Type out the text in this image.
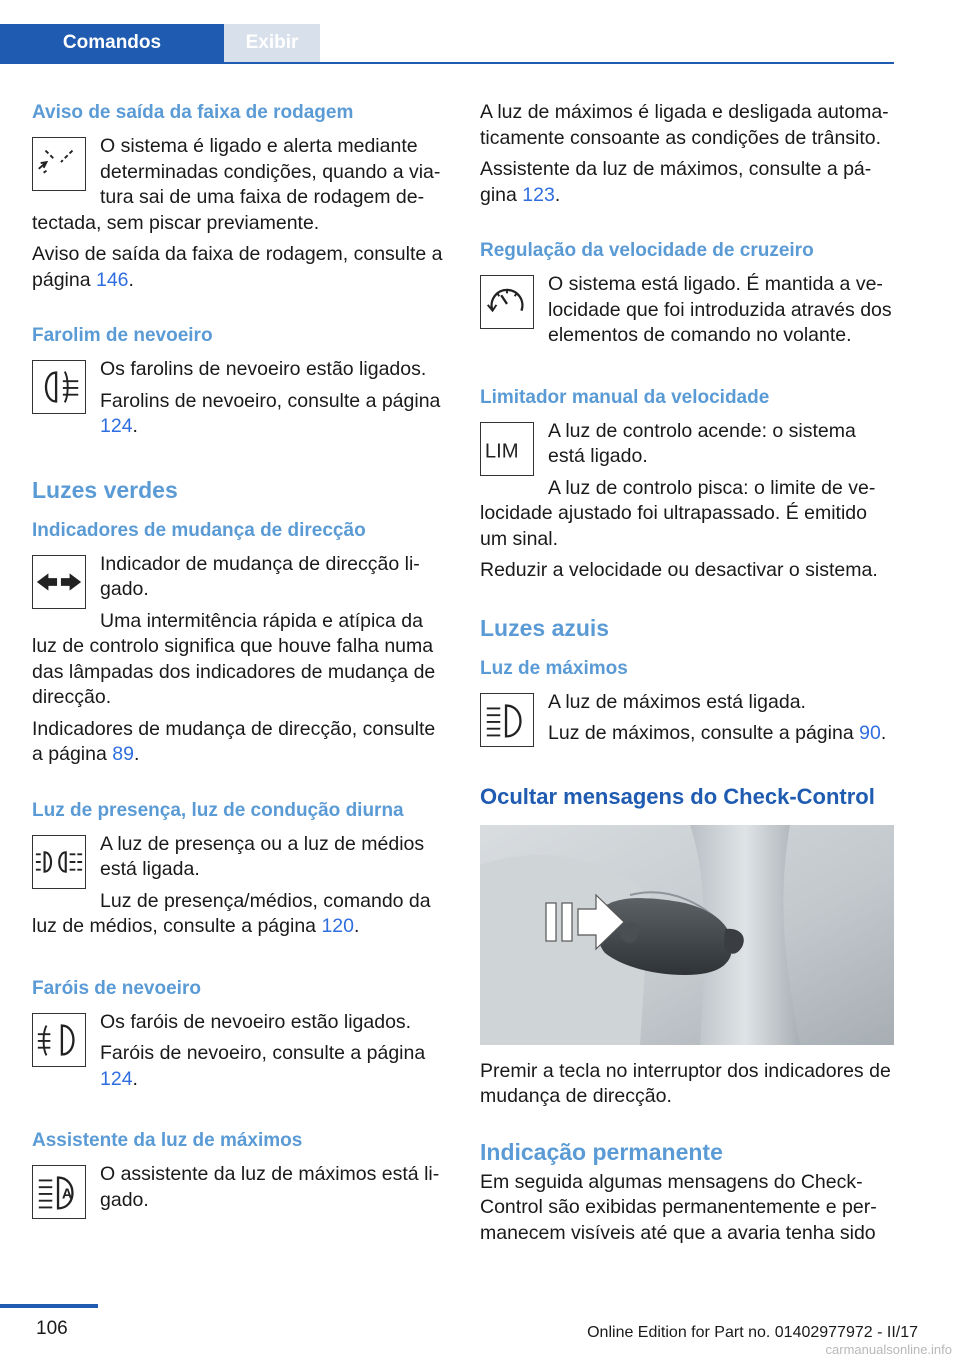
Comandos	Exibir
Aviso de saída da faixa de rodagem

O sistema é ligado e alerta mediante determinadas condições, quando a viatura sai de uma faixa de rodagem detectada, sem piscar previamente.

Aviso de saída da faixa de rodagem, consulte a página 146.

Farolim de nevoeiro

Os farolins de nevoeiro estão ligados.

Farolins de nevoeiro, consulte a página 124.

Luzes verdes
Indicadores de mudança de direcção

Indicador de mudança de direcção ligado.

Uma intermitência rápida e atípica da luz de controlo significa que houve falha numa das lâmpadas dos indicadores de mudança de direcção.

Indicadores de mudança de direcção, consulte a página 89.

Luz de presença, luz de condução diurna

A luz de presença ou a luz de médios está ligada.

Luz de presença/médios, comando da luz de médios, consulte a página 120.

Faróis de nevoeiro

Os faróis de nevoeiro estão ligados.

Faróis de nevoeiro, consulte a página 124.

Assistente da luz de máximos
A

O assistente da luz de máximos está ligado.

A luz de máximos é ligada e desligada automaticamente consoante as condições de trânsito.

Assistente da luz de máximos, consulte a página 123.

Regulação da velocidade de cruzeiro

O sistema está ligado. É mantida a velocidade que foi introduzida através dos elementos de comando no volante.

Limitador manual da velocidade
LIM

A luz de controlo acende: o sistema está ligado.

A luz de controlo pisca: o limite de velocidade ajustado foi ultrapassado. É emitido um sinal.

Reduzir a velocidade ou desactivar o sistema.

Luzes azuis
Luz de máximos

A luz de máximos está ligada.

Luz de máximos, consulte a página 90.

Ocultar mensagens do Check-Control

Premir a tecla no interruptor dos indicadores de mudança de direcção.

Indicação permanente

Em seguida algumas mensagens do Check-Control são exibidas permanentemente e permanecem visíveis até que a avaria tenha sido

106	Online Edition for Part no. 01402977972 - II/17
carmanualsonline.info
